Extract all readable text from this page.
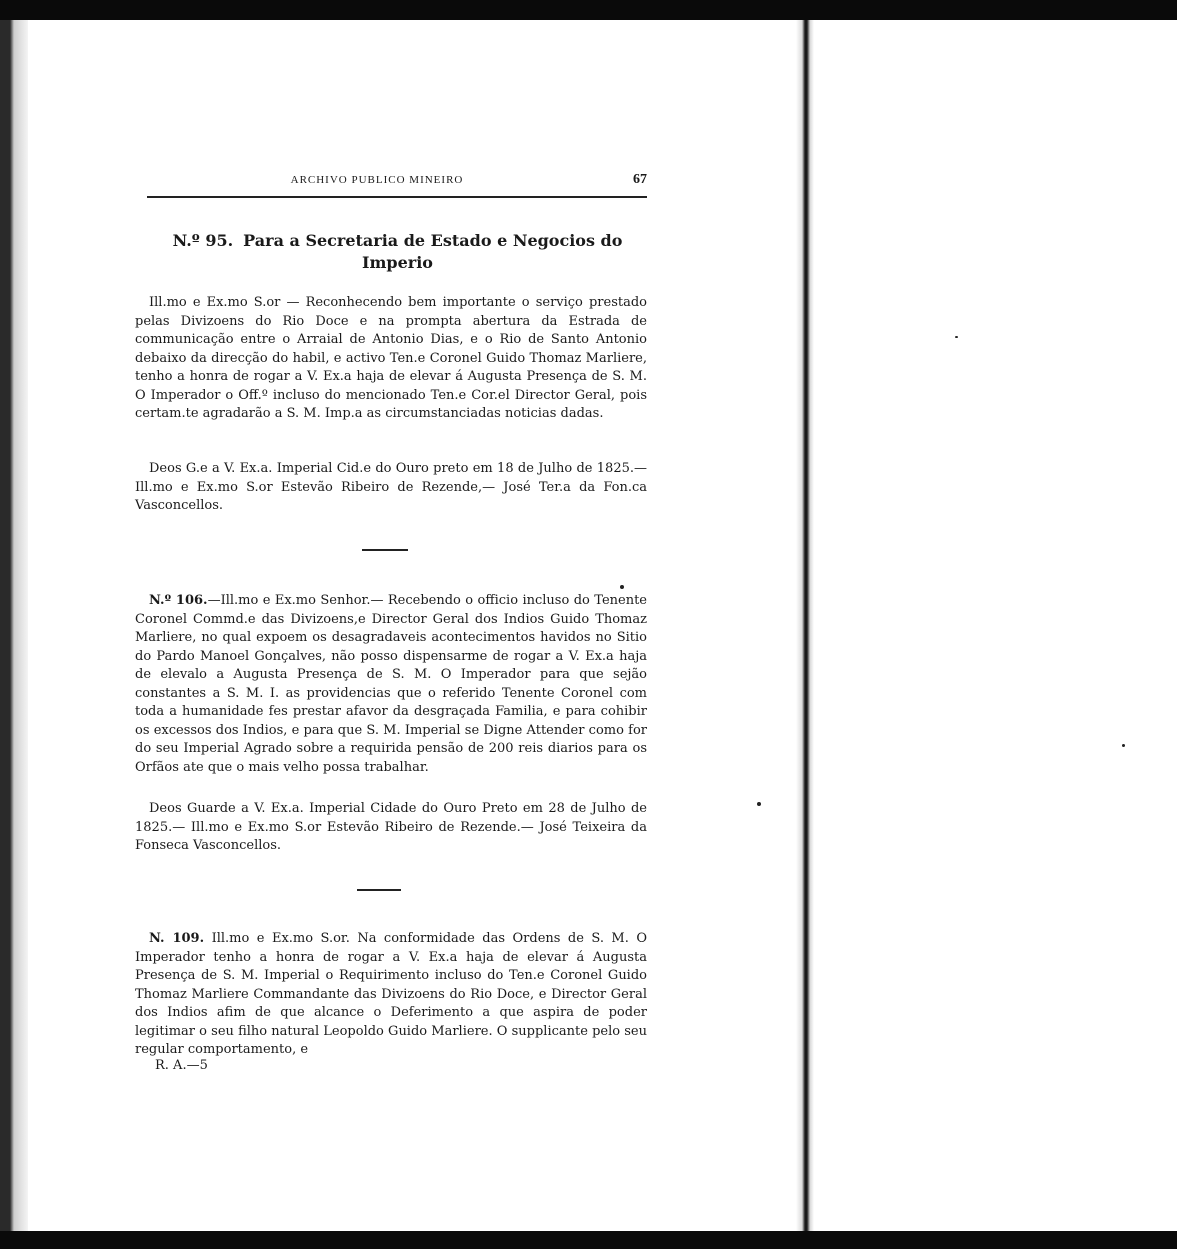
ARCHIVO PUBLICO MINEIRO	67
N.º 95. Para a Secretaria de Estado e Negocios do
Imperio

Ill.mo e Ex.mo S.or — Reconhecendo bem importante o serviço prestado pelas Divizoens do Rio Doce e na prompta abertura da Estrada de communicação entre o Arraial de Antonio Dias, e o Rio de Santo Antonio debaixo da direcção do habil, e activo Ten.e Coronel Guido Thomaz Marliere, tenho a honra de rogar a V. Ex.a haja de elevar á Augusta Presença de S. M. O Imperador o Off.º incluso do mencionado Ten.e Cor.el Director Geral, pois certam.te agradarão a S. M. Imp.a as circumstanciadas noticias dadas.

Deos G.e a V. Ex.a. Imperial Cid.e do Ouro preto em 18 de Julho de 1825.— Ill.mo e Ex.mo S.or Estevão Ribeiro de Rezende,— José Ter.a da Fon.ca Vasconcellos.

N.º 106.—Ill.mo e Ex.mo Senhor.— Recebendo o officio incluso do Tenente Coronel Commd.e das Divizoens,e Director Geral dos Indios Guido Thomaz Marliere, no qual expoem os desagradaveis acontecimentos havidos no Sitio do Pardo Manoel Gonçalves, não posso dispensarme de rogar a V. Ex.a haja de elevalo a Augusta Presença de S. M. O Imperador para que sejão constantes a S. M. I. as providencias que o referido Tenente Coronel com toda a humanidade fes prestar afavor da desgraçada Familia, e para cohibir os excessos dos Indios, e para que S. M. Imperial se Digne Attender como for do seu Imperial Agrado sobre a requirida pensão de 200 reis diarios para os Orfãos ate que o mais velho possa trabalhar.

Deos Guarde a V. Ex.a. Imperial Cidade do Ouro Preto em 28 de Julho de 1825.— Ill.mo e Ex.mo S.or Estevão Ribeiro de Rezende.— José Teixeira da Fonseca Vasconcellos.

N. 109. Ill.mo e Ex.mo S.or. Na conformidade das Ordens de S. M. O Imperador tenho a honra de rogar a V. Ex.a haja de elevar á Augusta Presença de S. M. Imperial o Requirimento incluso do Ten.e Coronel Guido Thomaz Marliere Commandante das Divizoens do Rio Doce, e Director Geral dos Indios afim de que alcance o Deferimento a que aspira de poder legitimar o seu filho natural Leopoldo Guido Marliere. O supplicante pelo seu regular comportamento, e

R. A.—5
